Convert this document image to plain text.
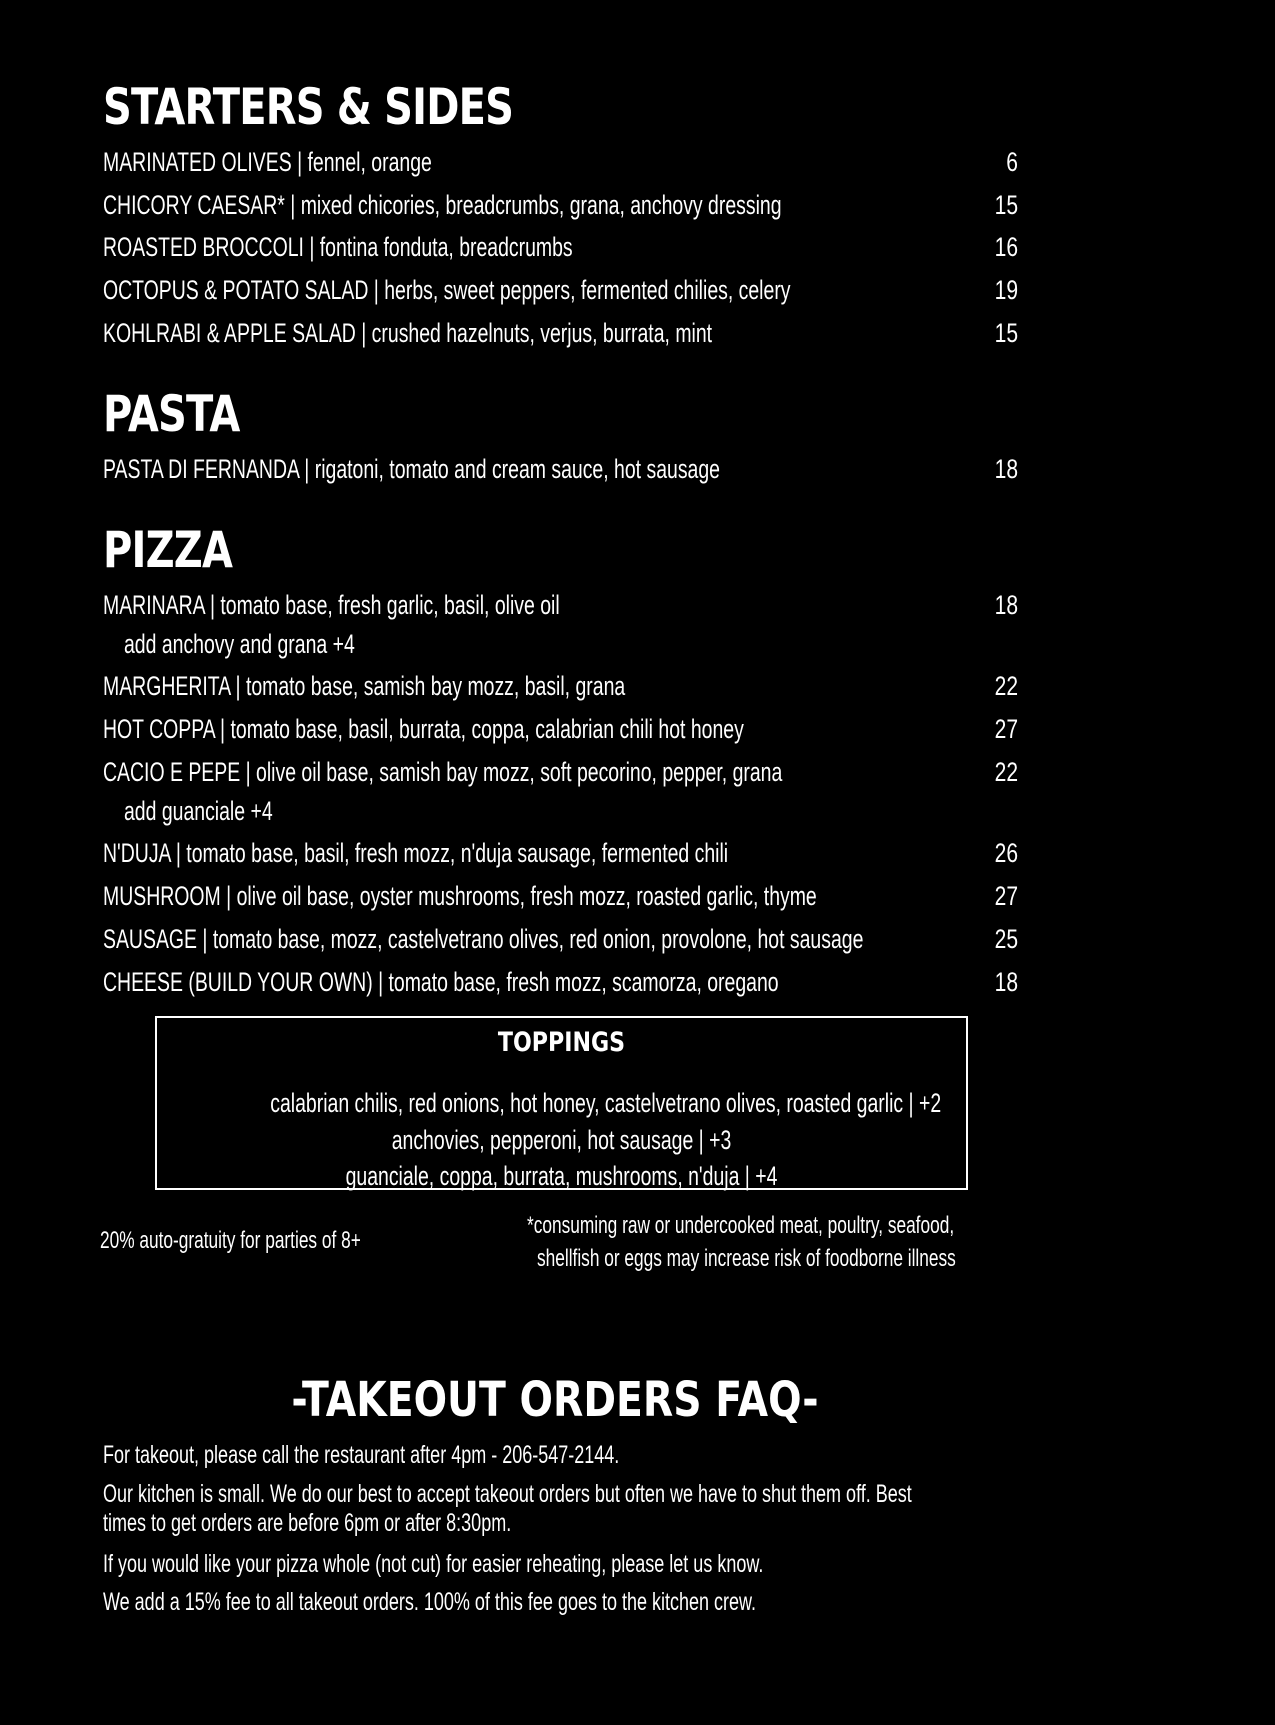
STARTERS & SIDES
MARINATED OLIVES | fennel, orange	6
CHICORY CAESAR* | mixed chicories, breadcrumbs, grana, anchovy dressing	15
ROASTED BROCCOLI | fontina fonduta, breadcrumbs	16
OCTOPUS & POTATO SALAD | herbs, sweet peppers, fermented chilies, celery	19
KOHLRABI & APPLE SALAD | crushed hazelnuts, verjus, burrata, mint	15
PASTA
PASTA DI FERNANDA | rigatoni, tomato and cream sauce, hot sausage	18
PIZZA
MARINARA | tomato base, fresh garlic, basil, olive oil	18
add anchovy and grana +4
MARGHERITA | tomato base, samish bay mozz, basil, grana	22
HOT COPPA | tomato base, basil, burrata, coppa, calabrian chili hot honey	27
CACIO E PEPE | olive oil base, samish bay mozz, soft pecorino, pepper, grana	22
add guanciale +4
N'DUJA | tomato base, basil, fresh mozz, n'duja sausage, fermented chili	26
MUSHROOM | olive oil base, oyster mushrooms, fresh mozz, roasted garlic, thyme	27
SAUSAGE | tomato base, mozz, castelvetrano olives, red onion, provolone, hot sausage	25
CHEESE (BUILD YOUR OWN) | tomato base, fresh mozz, scamorza, oregano	18
TOPPINGS
calabrian chilis, red onions, hot honey, castelvetrano olives, roasted garlic | +2
anchovies, pepperoni, hot sausage | +3
guanciale, coppa, burrata, mushrooms, n'duja | +4
20% auto-gratuity for parties of 8+
*consuming raw or undercooked meat, poultry, seafood,
shellfish or eggs may increase risk of foodborne illness
-TAKEOUT ORDERS FAQ-
For takeout, please call the restaurant after 4pm - 206-547-2144.
Our kitchen is small. We do our best to accept takeout orders but often we have to shut them off. Best
times to get orders are before 6pm or after 8:30pm.
If you would like your pizza whole (not cut) for easier reheating, please let us know.
We add a 15% fee to all takeout orders. 100% of this fee goes to the kitchen crew.
